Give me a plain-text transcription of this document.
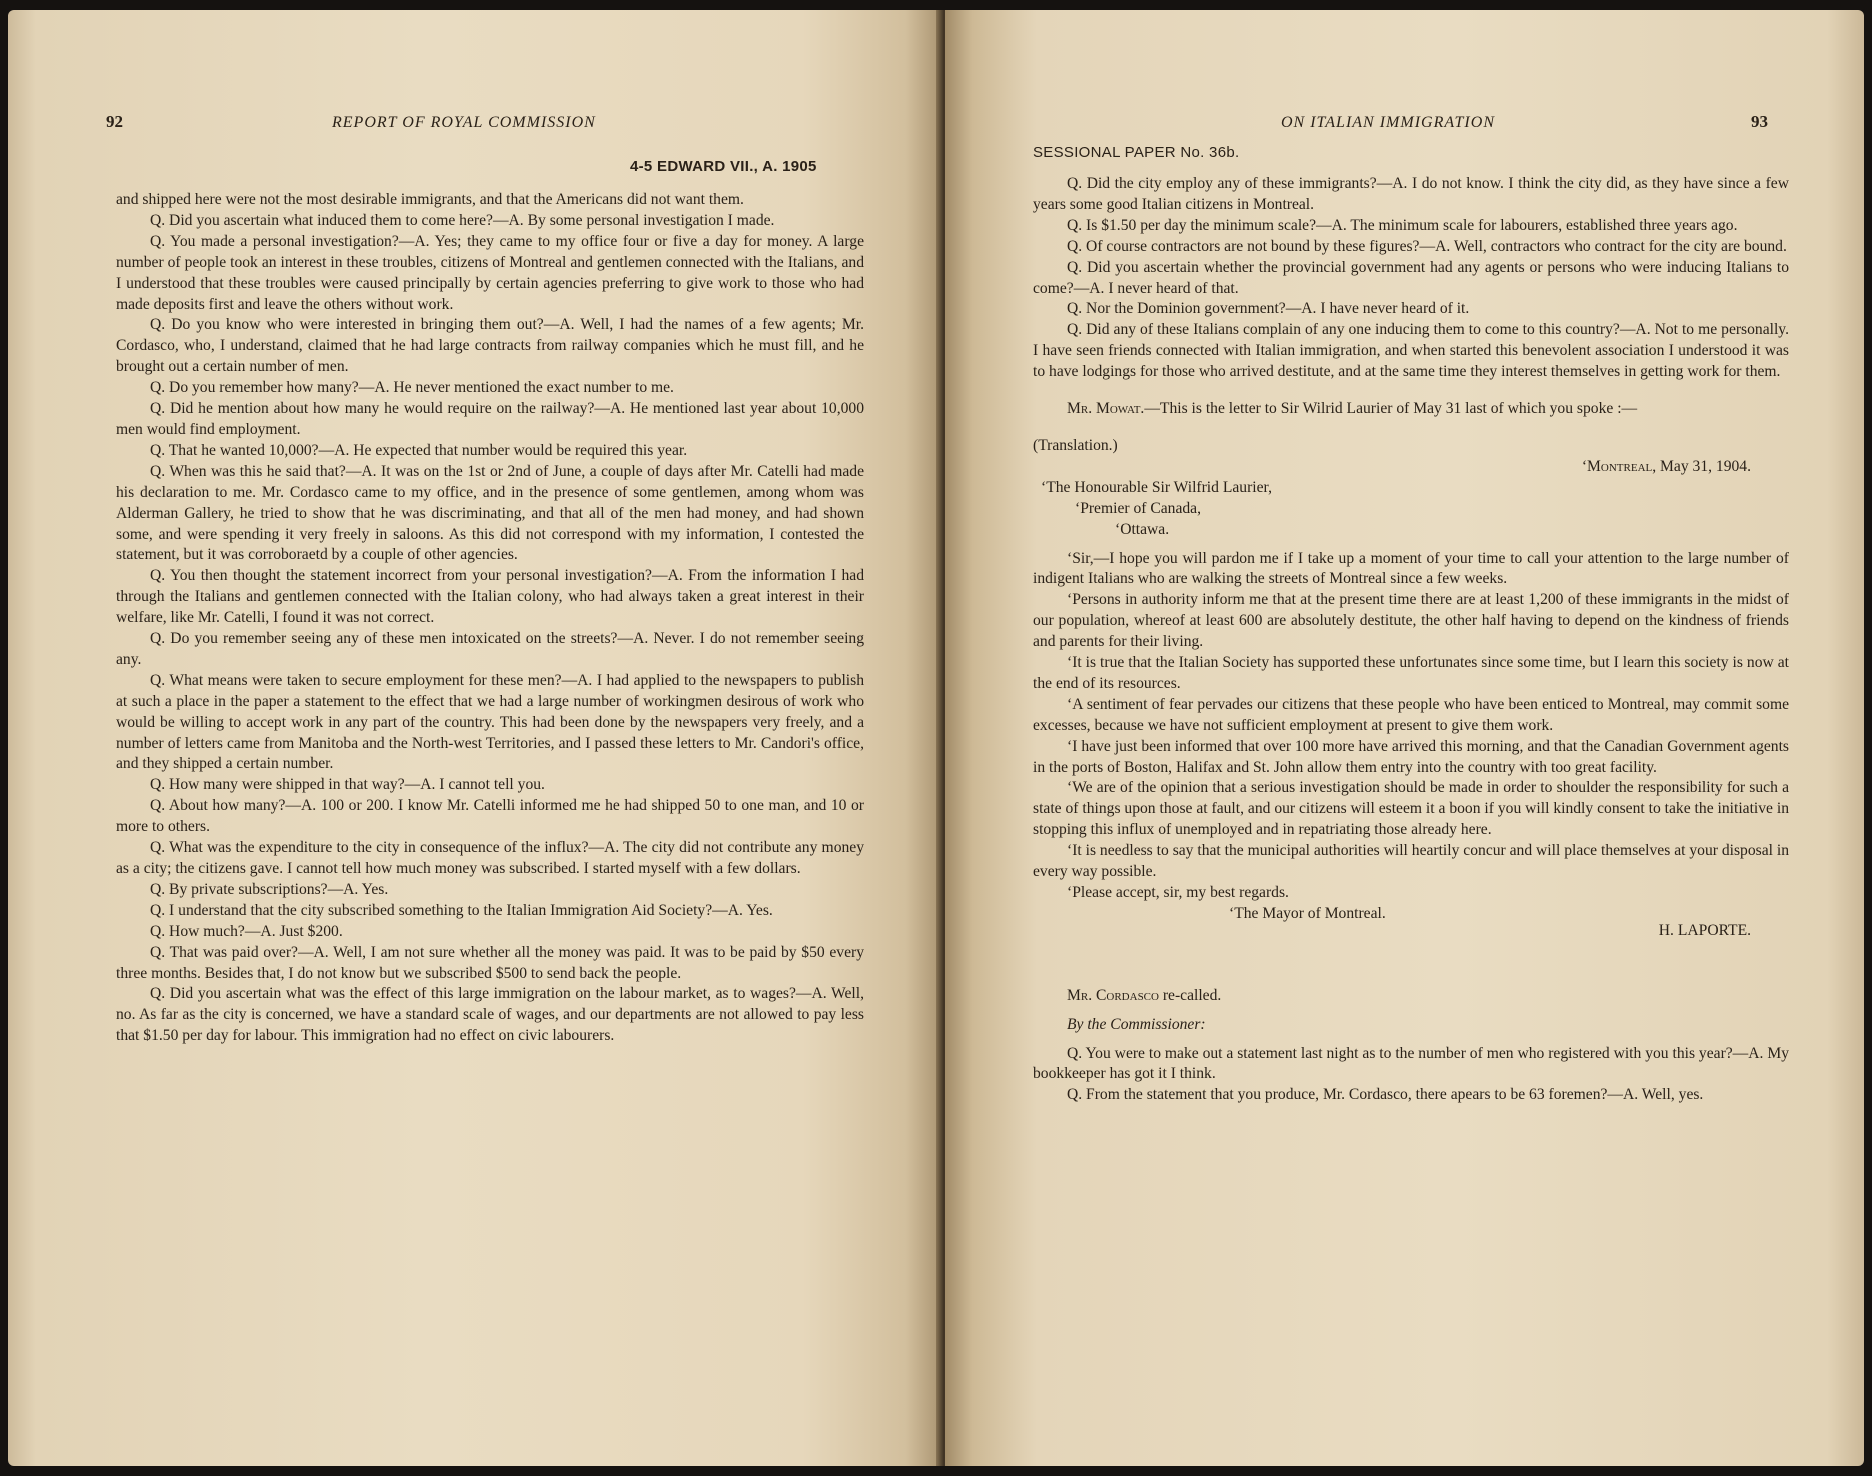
92	REPORT OF ROYAL COMMISSION
4-5 EDWARD VII., A. 1905

and shipped here were not the most desirable immigrants, and that the Americans did not want them.

Q. Did you ascertain what induced them to come here?—A. By some personal investigation I made.

Q. You made a personal investigation?—A. Yes; they came to my office four or five a day for money. A large number of people took an interest in these troubles, citizens of Montreal and gentlemen connected with the Italians, and I understood that these troubles were caused principally by certain agencies preferring to give work to those who had made deposits first and leave the others without work.

Q. Do you know who were interested in bringing them out?—A. Well, I had the names of a few agents; Mr. Cordasco, who, I understand, claimed that he had large contracts from railway companies which he must fill, and he brought out a certain number of men.

Q. Do you remember how many?—A. He never mentioned the exact number to me.

Q. Did he mention about how many he would require on the railway?—A. He mentioned last year about 10,000 men would find employment.

Q. That he wanted 10,000?—A. He expected that number would be required this year.

Q. When was this he said that?—A. It was on the 1st or 2nd of June, a couple of days after Mr. Catelli had made his declaration to me. Mr. Cordasco came to my office, and in the presence of some gentlemen, among whom was Alderman Gallery, he tried to show that he was discriminating, and that all of the men had money, and had shown some, and were spending it very freely in saloons. As this did not correspond with my information, I contested the statement, but it was corroboraetd by a couple of other agencies.

Q. You then thought the statement incorrect from your personal investigation?—A. From the information I had through the Italians and gentlemen connected with the Italian colony, who had always taken a great interest in their welfare, like Mr. Catelli, I found it was not correct.

Q. Do you remember seeing any of these men intoxicated on the streets?—A. Never. I do not remember seeing any.

Q. What means were taken to secure employment for these men?—A. I had applied to the newspapers to publish at such a place in the paper a statement to the effect that we had a large number of workingmen desirous of work who would be willing to accept work in any part of the country. This had been done by the newspapers very freely, and a number of letters came from Manitoba and the North-west Territories, and I passed these letters to Mr. Candori's office, and they shipped a certain number.

Q. How many were shipped in that way?—A. I cannot tell you.

Q. About how many?—A. 100 or 200. I know Mr. Catelli informed me he had shipped 50 to one man, and 10 or more to others.

Q. What was the expenditure to the city in consequence of the influx?—A. The city did not contribute any money as a city; the citizens gave. I cannot tell how much money was subscribed. I started myself with a few dollars.

Q. By private subscriptions?—A. Yes.

Q. I understand that the city subscribed something to the Italian Immigration Aid Society?—A. Yes.

Q. How much?—A. Just $200.

Q. That was paid over?—A. Well, I am not sure whether all the money was paid. It was to be paid by $50 every three months. Besides that, I do not know but we subscribed $500 to send back the people.

Q. Did you ascertain what was the effect of this large immigration on the labour market, as to wages?—A. Well, no. As far as the city is concerned, we have a standard scale of wages, and our departments are not allowed to pay less that $1.50 per day for labour. This immigration had no effect on civic labourers.

ON ITALIAN IMMIGRATION	93
SESSIONAL PAPER No. 36b.

Q. Did the city employ any of these immigrants?—A. I do not know. I think the city did, as they have since a few years some good Italian citizens in Montreal.

Q. Is $1.50 per day the minimum scale?—A. The minimum scale for labourers, established three years ago.

Q. Of course contractors are not bound by these figures?—A. Well, contractors who contract for the city are bound.

Q. Did you ascertain whether the provincial government had any agents or persons who were inducing Italians to come?—A. I never heard of that.

Q. Nor the Dominion government?—A. I have never heard of it.

Q. Did any of these Italians complain of any one inducing them to come to this country?—A. Not to me personally. I have seen friends connected with Italian immigration, and when started this benevolent association I understood it was to have lodgings for those who arrived destitute, and at the same time they interest themselves in getting work for them.

Mr. Mowat.—This is the letter to Sir Wilrid Laurier of May 31 last of which you spoke :—

(Translation.)

‘Montreal, May 31, 1904.

‘The Honourable Sir Wilfrid Laurier,

‘Premier of Canada,

‘Ottawa.

‘Sir,—I hope you will pardon me if I take up a moment of your time to call your attention to the large number of indigent Italians who are walking the streets of Montreal since a few weeks.

‘Persons in authority inform me that at the present time there are at least 1,200 of these immigrants in the midst of our population, whereof at least 600 are absolutely destitute, the other half having to depend on the kindness of friends and parents for their living.

‘It is true that the Italian Society has supported these unfortunates since some time, but I learn this society is now at the end of its resources.

‘A sentiment of fear pervades our citizens that these people who have been enticed to Montreal, may commit some excesses, because we have not sufficient employment at present to give them work.

‘I have just been informed that over 100 more have arrived this morning, and that the Canadian Government agents in the ports of Boston, Halifax and St. John allow them entry into the country with too great facility.

‘We are of the opinion that a serious investigation should be made in order to shoulder the responsibility for such a state of things upon those at fault, and our citizens will esteem it a boon if you will kindly consent to take the initiative in stopping this influx of unemployed and in repatriating those already here.

‘It is needless to say that the municipal authorities will heartily concur and will place themselves at your disposal in every way possible.

‘Please accept, sir, my best regards.

‘The Mayor of Montreal.

H. LAPORTE.

Mr. Cordasco re-called.

By the Commissioner:

Q. You were to make out a statement last night as to the number of men who registered with you this year?—A. My bookkeeper has got it I think.

Q. From the statement that you produce, Mr. Cordasco, there apears to be 63 foremen?—A. Well, yes.
